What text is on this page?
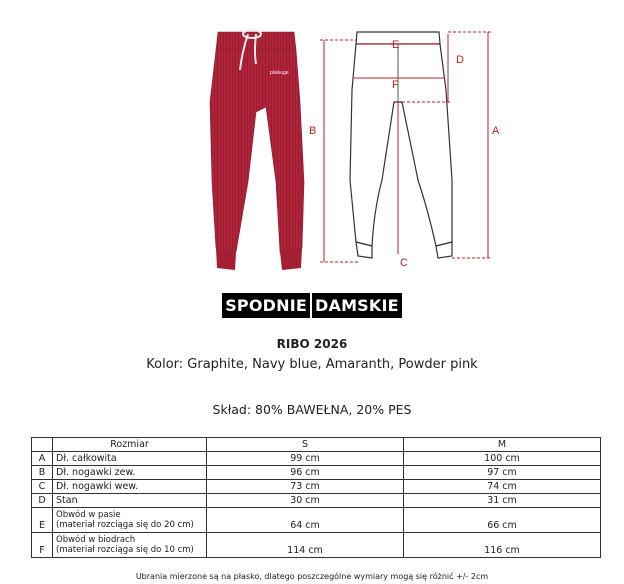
plaisuge
A
B
C
D
E
F
SPODNIE DAMSKIE
RIBO 2026
Kolor: Graphite, Navy blue, Amaranth, Powder pink
Skład: 80% BAWEŁNA, 20% PES
	Rozmiar	S	M
A	Dł. całkowita	99 cm	100 cm
B	Dł. nogawki zew.	96 cm	97 cm
C	Dł. nogawki wew.	73 cm	74 cm
D	Stan	30 cm	31 cm
E	Obwód w pasie
(materiał rozciąga się do 20 cm)	64 cm	66 cm
F	Obwód w biodrach
(materiał rozciąga się do 10 cm)	114 cm	116 cm
Ubrania mierzone są na płasko, dlatego poszczególne wymiary mogą się różnić +/- 2cm
